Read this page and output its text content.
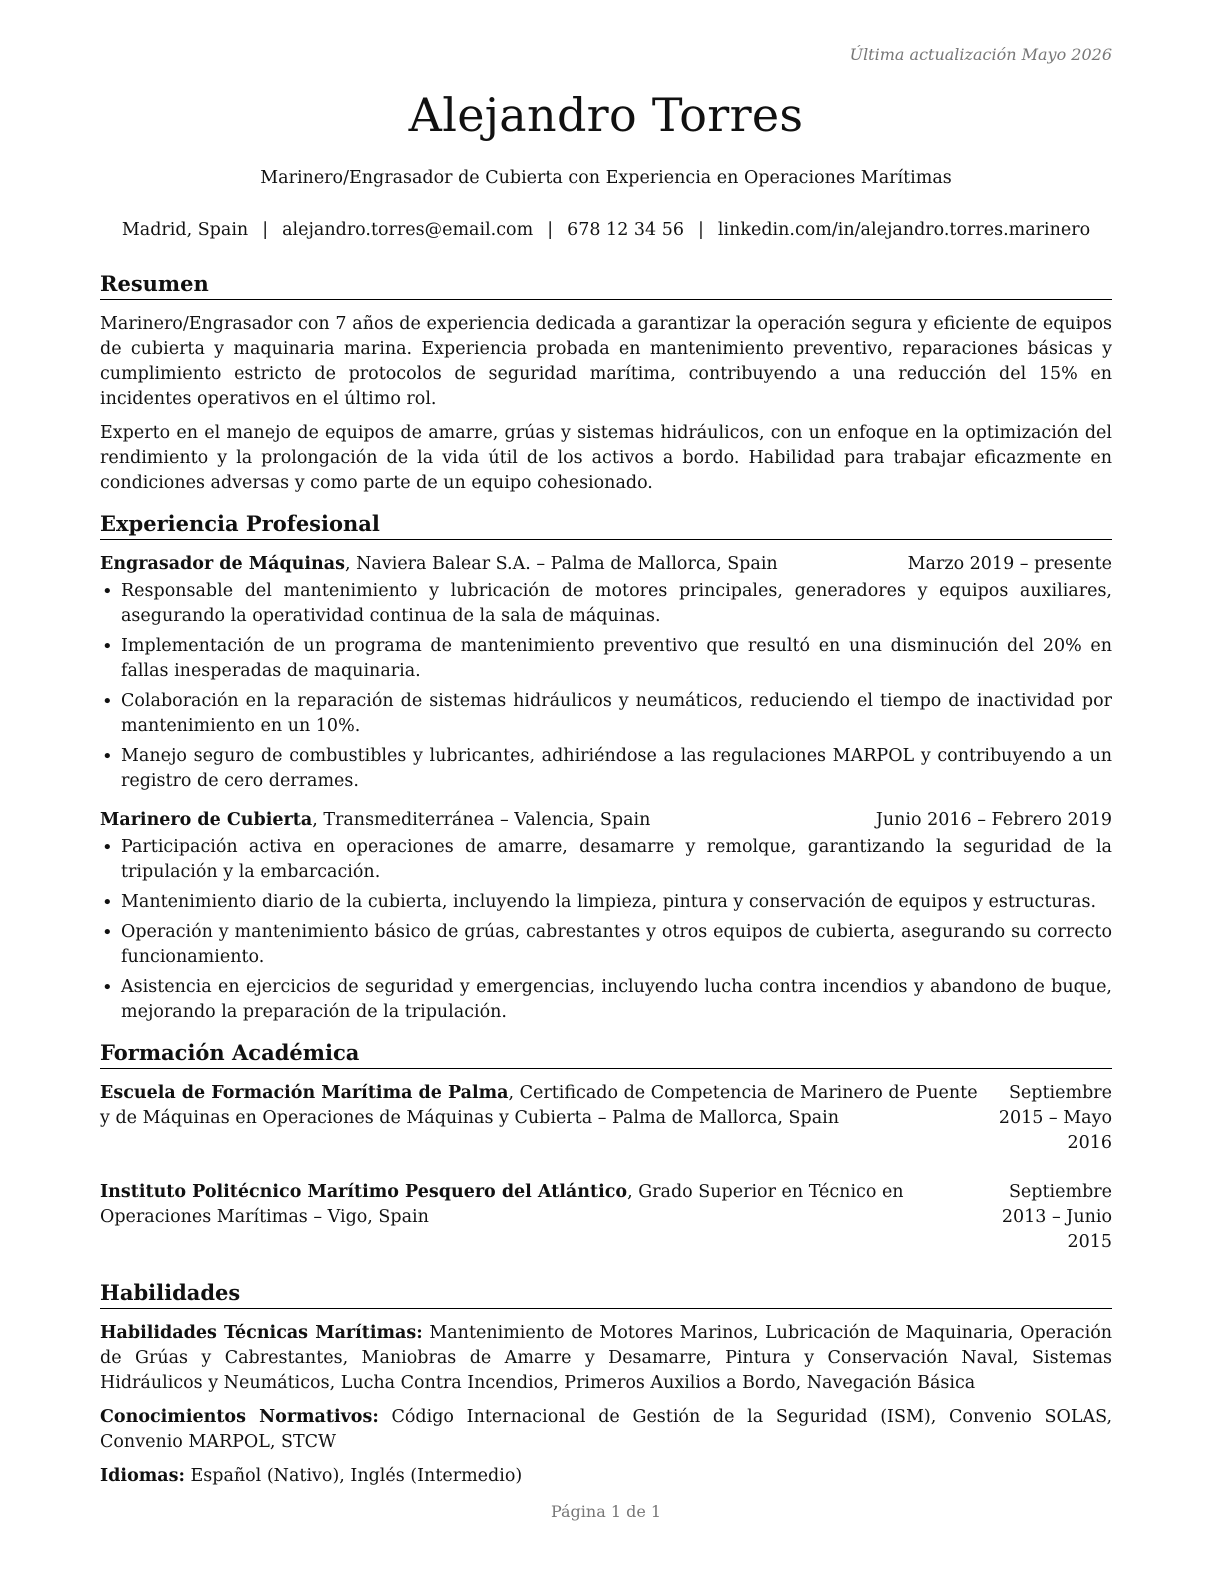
Última actualización Mayo 2026
Alejandro Torres
Marinero/Engrasador de Cubierta con Experiencia en Operaciones Marítimas
Madrid, Spain | alejandro.torres@email.com | 678 12 34 56 | linkedin.com/in/alejandro.torres.marinero
Resumen

Marinero/Engrasador con 7 años de experiencia dedicada a garantizar la operación segura y eficiente de equipos de cubierta y maquinaria marina. Experiencia probada en mantenimiento preventivo, reparaciones básicas y cumplimiento estricto de protocolos de seguridad marítima, contribuyendo a una reducción del 15% en incidentes operativos en el último rol.

Experto en el manejo de equipos de amarre, grúas y sistemas hidráulicos, con un enfoque en la optimización del rendimiento y la prolongación de la vida útil de los activos a bordo. Habilidad para trabajar eficazmente en condiciones adversas y como parte de un equipo cohesionado.

Experiencia Profesional
Engrasador de Máquinas, Naviera Balear S.A. – Palma de Mallorca, Spain	Marzo 2019 – presente
• Responsable del mantenimiento y lubricación de motores principales, generadores y equipos auxiliares, asegurando la operatividad continua de la sala de máquinas.
• Implementación de un programa de mantenimiento preventivo que resultó en una disminución del 20% en fallas inesperadas de maquinaria.
• Colaboración en la reparación de sistemas hidráulicos y neumáticos, reduciendo el tiempo de inactividad por mantenimiento en un 10%.
• Manejo seguro de combustibles y lubricantes, adhiriéndose a las regulaciones MARPOL y contribuyendo a un registro de cero derrames.
Marinero de Cubierta, Transmediterránea – Valencia, Spain	Junio 2016 – Febrero 2019
• Participación activa en operaciones de amarre, desamarre y remolque, garantizando la seguridad de la tripulación y la embarcación.
• Mantenimiento diario de la cubierta, incluyendo la limpieza, pintura y conservación de equipos y estructuras.
• Operación y mantenimiento básico de grúas, cabrestantes y otros equipos de cubierta, asegurando su correcto funcionamiento.
• Asistencia en ejercicios de seguridad y emergencias, incluyendo lucha contra incendios y abandono de buque, mejorando la preparación de la tripulación.
Formación Académica
Escuela de Formación Marítima de Palma, Certificado de Competencia de Marinero de Puente y de Máquinas en Operaciones de Máquinas y Cubierta – Palma de Mallorca, Spain
Septiembre 2015 – Mayo 2016
Instituto Politécnico Marítimo Pesquero del Atlántico, Grado Superior en Técnico en Operaciones Marítimas – Vigo, Spain
Septiembre 2013 – Junio 2015
Habilidades

Habilidades Técnicas Marítimas: Mantenimiento de Motores Marinos, Lubricación de Maquinaria, Operación de Grúas y Cabrestantes, Maniobras de Amarre y Desamarre, Pintura y Conservación Naval, Sistemas Hidráulicos y Neumáticos, Lucha Contra Incendios, Primeros Auxilios a Bordo, Navegación Básica

Conocimientos Normativos: Código Internacional de Gestión de la Seguridad (ISM), Convenio SOLAS, Convenio MARPOL, STCW

Idiomas: Español (Nativo), Inglés (Intermedio)

Página 1 de 1
